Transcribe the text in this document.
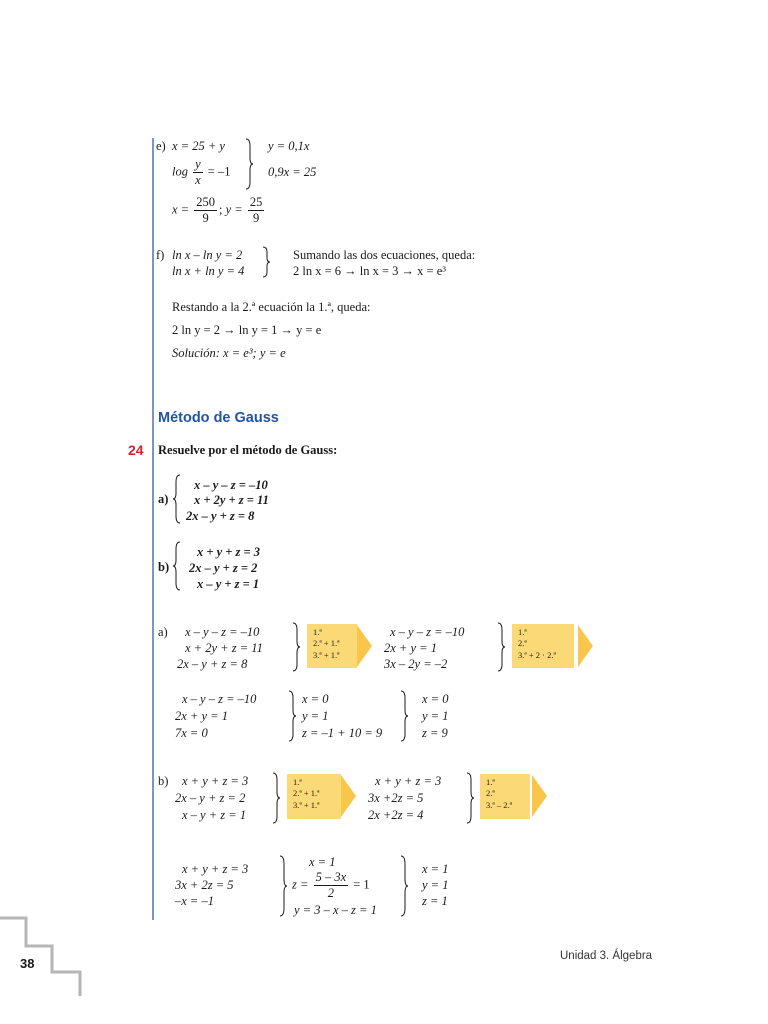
e) x = 25 + y
$\log \frac{y}{x} = -1$
y = 0,1x
0,9x = 25
$x = \frac{250}{9}$ ; $y = \frac{25}{9}$
f) ln x – ln y = 2
ln x + ln y = 4
Sumando las dos ecuaciones, queda:
2 ln x = 6 → ln x = 3 → x = e³
Restando a la 2.ª ecuación la 1.ª, queda:
2 ln y = 2 → ln y = 1 → y = e
Solución: x = e³; y = e
Método de Gauss
24 Resuelve por el método de Gauss:
a)
x – y – z = –10
x + 2y + z = 11
2x – y + z = 8
b)
x + y + z = 3
2x – y + z = 2
x – y + z = 1
a) x – y – z = –10
x + 2y + z = 11
2x – y + z = 8
1.ª
2.ª + 1.ª
3.ª + 1.ª
x – y – z = –10
2x + y = 1
3x – 2y = –2
1.ª
2.ª
3.ª + 2 · 2.ª
x – y – z = –10
2x + y = 1
7x = 0
x = 0
y = 1
z = –1 + 10 = 9
x = 0
y = 1
z = 9
b) x + y + z = 3
2x – y + z = 2
x – y + z = 1
1.ª
2.ª + 1.ª
3.ª + 1.ª
x + y + z = 3
3x +2z = 5
2x +2z = 4
1.ª
2.ª
3.ª – 2.ª
x + y + z = 3
3x + 2z = 5
–x = –1
x = 1
$z = \frac{5 - 3x}{2} = 1$
y = 3 – x – z = 1
x = 1
y = 1
z = 1
38	Unidad 3. Álgebra
